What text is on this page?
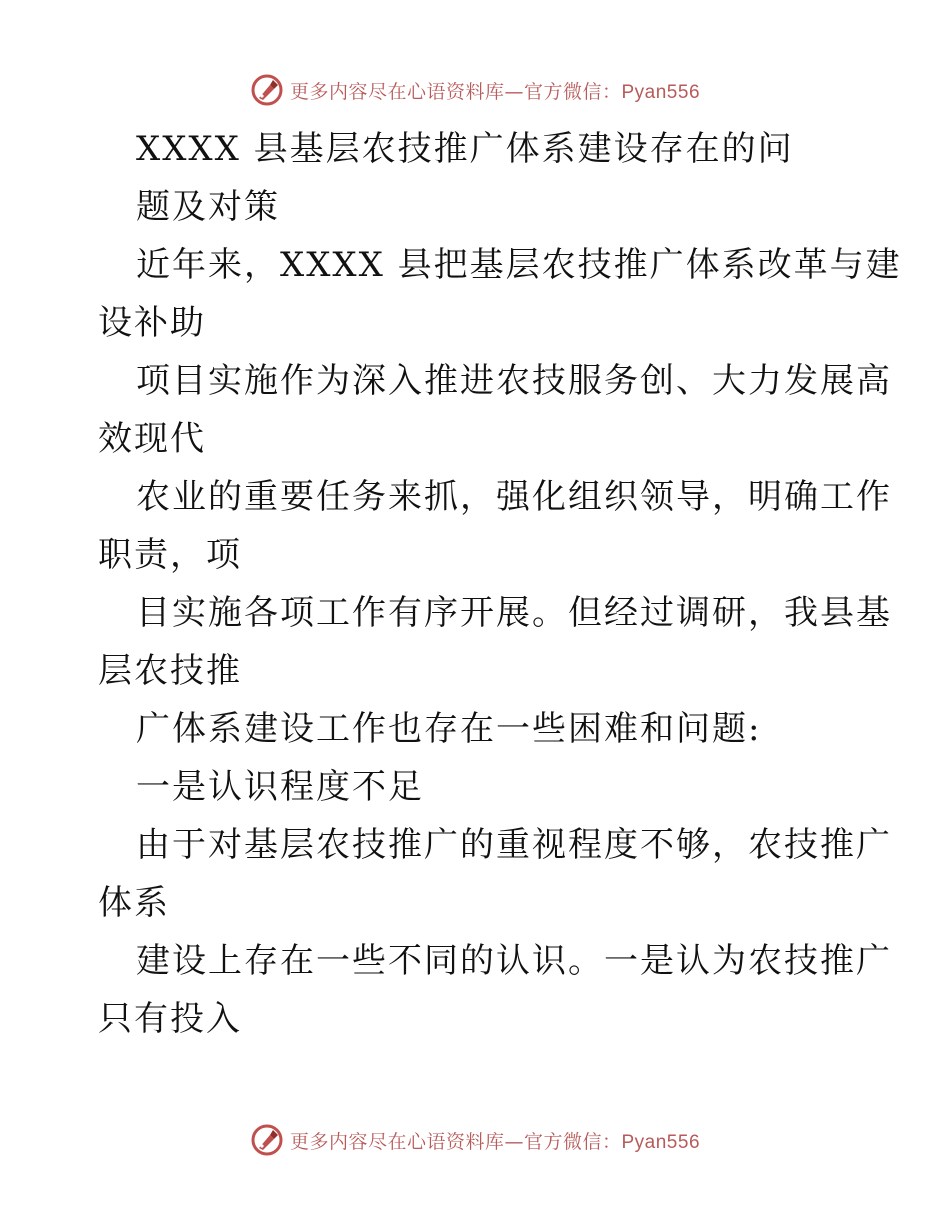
更多内容尽在心语资料库—官方微信：Pyan556
XXXX 县基层农技推广体系建设存在的问
题及对策
近年来，XXXX 县把基层农技推广体系改革与建
设补助
项目实施作为深入推进农技服务创、大力发展高
效现代
农业的重要任务来抓，强化组织领导，明确工作
职责，项
目实施各项工作有序开展。但经过调研，我县基
层农技推
广体系建设工作也存在一些困难和问题:
一是认识程度不足
由于对基层农技推广的重视程度不够，农技推广
体系
建设上存在一些不同的认识。一是认为农技推广
只有投入
更多内容尽在心语资料库—官方微信：Pyan556
